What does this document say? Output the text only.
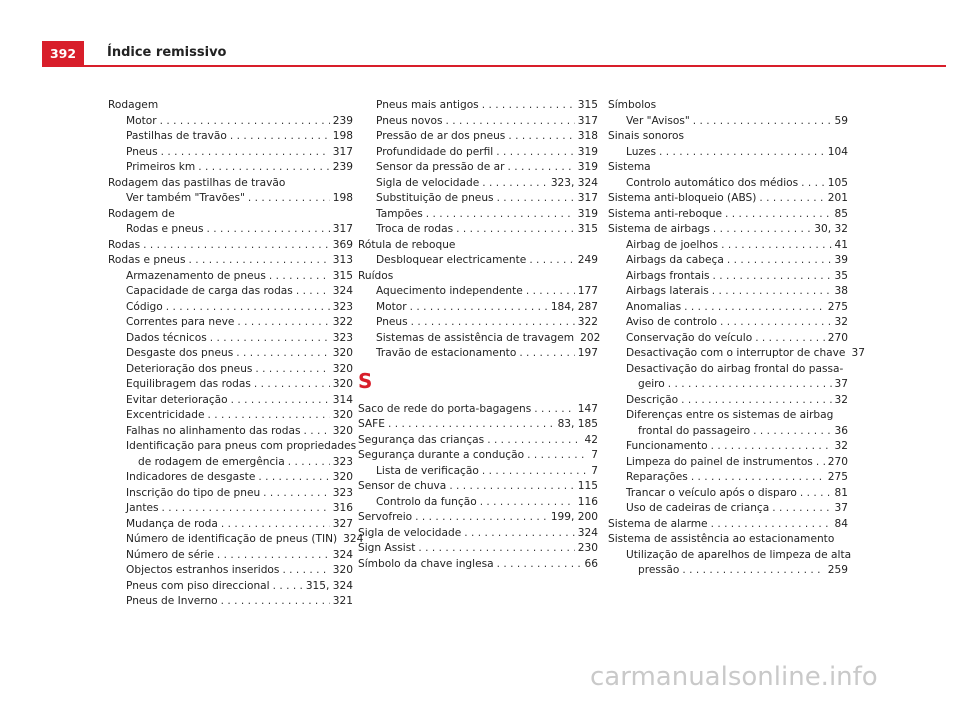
392	Índice remissivo
Rodagem
Motor . . .	239
Pastilhas de travão . . .	198
Pneus . . .	317
Primeiros km . . .	239
Rodagem das pastilhas de travão
Ver também "Travões" . . .	198
Rodagem de
Rodas e pneus . . .	317
Rodas . . .	369
Rodas e pneus . . .	313
Armazenamento de pneus . . .	315
Capacidade de carga das rodas . . .	324
Código . . .	323
Correntes para neve . . .	322
Dados técnicos . . .	323
Desgaste dos pneus . . .	320
Deterioração dos pneus . . .	320
Equilibragem das rodas . . .	320
Evitar deterioração . . .	314
Excentricidade . . .	320
Falhas no alinhamento das rodas . . .	320
Identificação para pneus com propriedades
de rodagem de emergência . . .	323
Indicadores de desgaste . . .	320
Inscrição do tipo de pneu . . .	323
Jantes . . .	316
Mudança de roda . . .	327
Número de identificação de pneus (TIN) 324
Número de série . . .	324
Objectos estranhos inseridos . . .	320
Pneus com piso direccional . . .	315, 324
Pneus de Inverno . . .	321
Pneus mais antigos . . .	315
Pneus novos . . .	317
Pressão de ar dos pneus . . .	318
Profundidade do perfil . . .	319
Sensor da pressão de ar . . .	319
Sigla de velocidade . . .	323, 324
Substituição de pneus . . .	317
Tampões . . .	319
Troca de rodas . . .	315
Rótula de reboque
Desbloquear electricamente . . .	249
Ruídos
Aquecimento independente . . .	177
Motor . . .	184, 287
Pneus . . .	322
Sistemas de assistência de travagem 202
Travão de estacionamento . . .	197
S
Saco de rede do porta-bagagens . . .	147
SAFE . . .	83, 185
Segurança das crianças . . .	42
Segurança durante a condução . . .	7
Lista de verificação . . .	7
Sensor de chuva . . .	115
Controlo da função . . .	116
Servofreio . . .	199, 200
Sigla de velocidade . . .	324
Sign Assist . . .	230
Símbolo da chave inglesa . . .	66
Símbolos
Ver "Avisos" . . .	59
Sinais sonoros
Luzes . . .	104
Sistema
Controlo automático dos médios . . .	105
Sistema anti-bloqueio (ABS) . . .	201
Sistema anti-reboque . . .	85
Sistema de airbags . . .	30, 32
Airbag de joelhos . . .	41
Airbags da cabeça . . .	39
Airbags frontais . . .	35
Airbags laterais . . .	38
Anomalias . . .	275
Aviso de controlo . . .	32
Conservação do veículo . . .	270
Desactivação com o interruptor de chave 37
Desactivação do airbag frontal do passa-
geiro . . .	37
Descrição . . .	32
Diferenças entre os sistemas de airbag
frontal do passageiro . . .	36
Funcionamento . . .	32
Limpeza do painel de instrumentos . . . 270
Reparações . . .	275
Trancar o veículo após o disparo . . .	81
Uso de cadeiras de criança . . .	37
Sistema de alarme . . .	84
Sistema de assistência ao estacionamento
Utilização de aparelhos de limpeza de alta
pressão . . .	259
carmanualsonline.info
